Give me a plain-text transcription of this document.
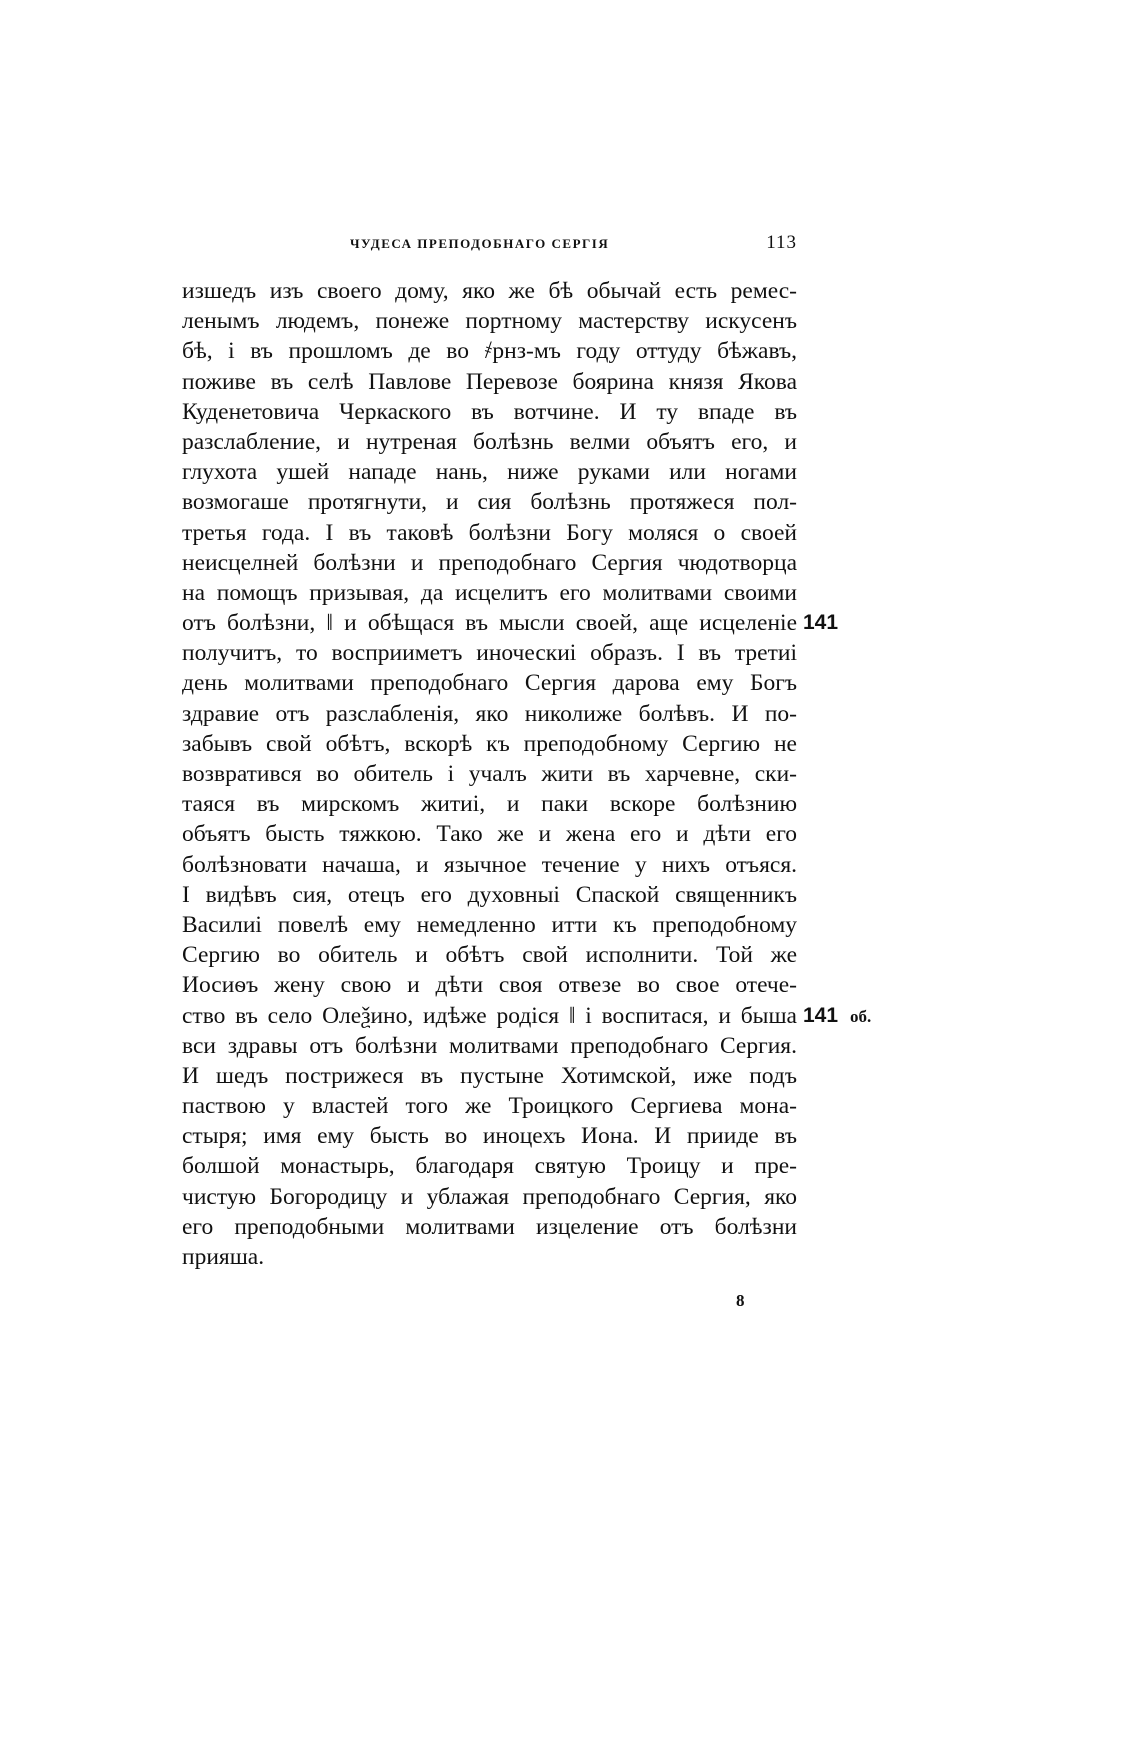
ЧУДЕСА ПРЕПОДОБНАГО СЕРГІЯ	113
изшедъ изъ своего дому, яко же бѣ обычай есть ремес-
ленымъ людемъ, понеже портному мастерству искусенъ
бѣ, і въ прошломъ де во ҂рнз-мъ году оттуду бѣжавъ,
поживе въ селѣ Павлове Перевозе боярина князя Якова
Куденетовича Черкаского въ вотчине. И ту впаде въ
разслабление, и нутреная болѣзнь велми объятъ его, и
глухота ушей нападе нань, ниже руками или ногами
возмогаше протягнути, и сия болѣзнь протяжеся пол-
третья года. І въ таковѣ болѣзни Богу моляся о своей
неисцелней болѣзни и преподобнаго Сергия чюдотворца
на помощъ призывая, да исцелитъ его молитвами своими
отъ болѣзни, ‖ и обѣщася въ мысли своей, аще исцеленіе 141
получитъ, то восприиметъ иноческиі образъ. І въ третиі
день молитвами преподобнаго Сергия дарова ему Богъ
здравие отъ разслабленія, яко николиже болѣвъ. И по-
забывъ свой обѣтъ, вскорѣ къ преподобному Сергию не
возвратився во обитель і учалъ жити въ харчевне, ски-
таяся въ мирскомъ житиі, и паки вскоре болѣзнию
объятъ бысть тяжкою. Тако же и жена его и дѣти его
болѣзновати начаша, и язычное течение у нихъ отъяся.
І видѣвъ сия, отецъ его духовныі Спаской священникъ
Василиі повелѣ ему немедленно итти къ преподобному
Сергию во обитель и обѣтъ свой исполнити. Той же
Иосиѳъ жену свою и дѣти своя отвезе во свое отече-
ство въ село Олеѯино, идѣже родіся ‖ і воспитася, и быша 141 об.
вси здравы отъ болѣзни молитвами преподобнаго Сергия.
И шедъ пострижеся въ пустыне Хотимской, иже подъ
паствою у властей того же Троицкого Сергиева мона-
стыря; имя ему бысть во иноцехъ Иона. И прииде въ
болшой монастырь, благодаря святую Троицу и пре-
чистую Богородицу и ублажая преподобнаго Сергия, яко
его преподобными молитвами изцеление отъ болѣзни
прияша.
8
